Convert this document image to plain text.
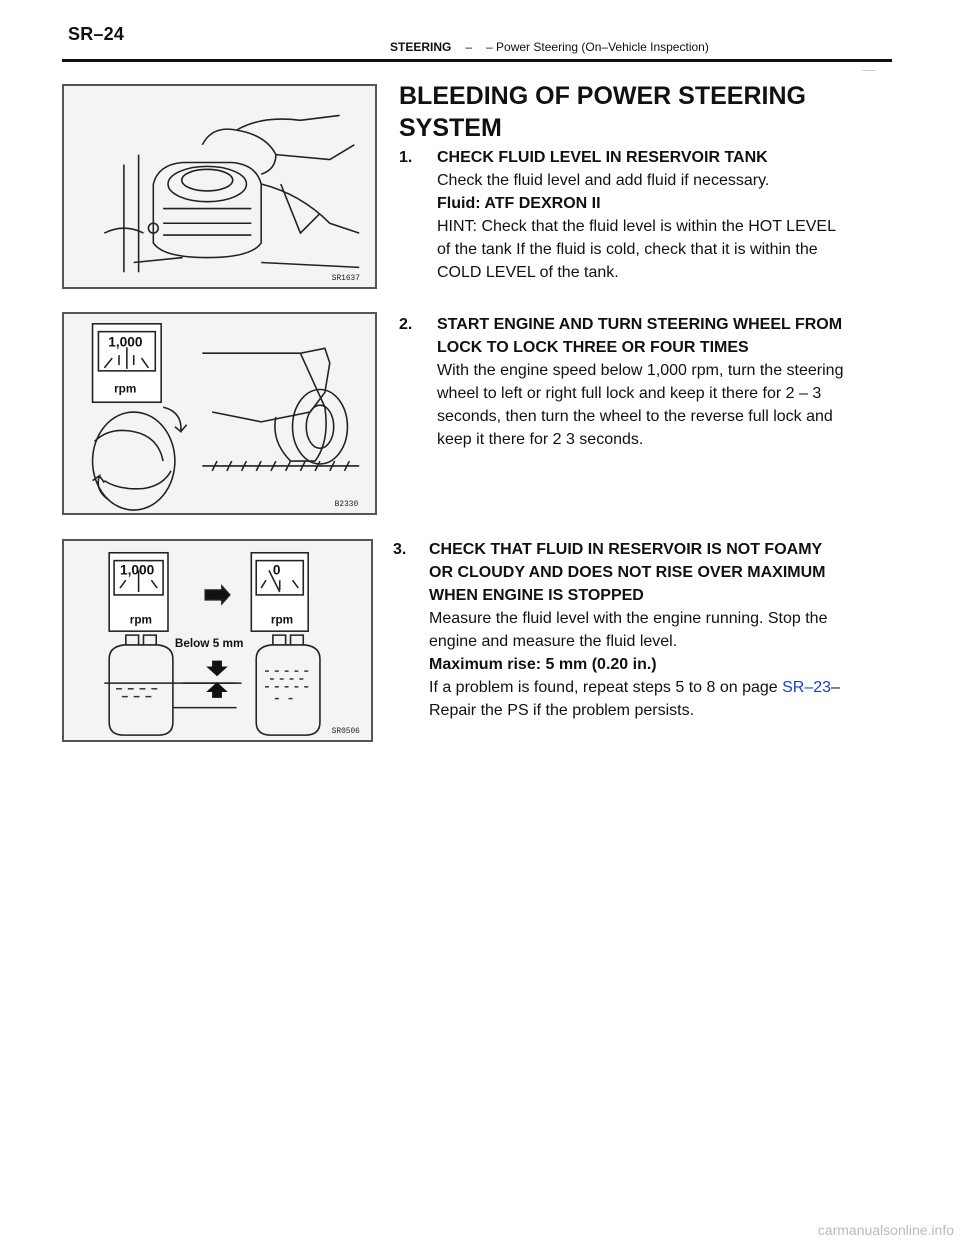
SR–24
STEERING – – Power Steering (On–Vehicle Inspection)
SR1637
1,000
rpm
B2330
1,000
rpm
0
rpm
Below 5 mm
SR0506
BLEEDING OF POWER STEERING SYSTEM
1. CHECK FLUID LEVEL IN RESERVOIR TANK
Check the fluid level and add fluid if necessary.
Fluid: ATF DEXRON II
HINT: Check that the fluid level is within the HOT LEVEL
of the tank If the fluid is cold, check that it is within the
COLD LEVEL of the tank.
2. START ENGINE AND TURN STEERING WHEEL FROM
LOCK TO LOCK THREE OR FOUR TIMES
With the engine speed below 1,000 rpm, turn the steering
wheel to left or right full lock and keep it there for 2 – 3
seconds, then turn the wheel to the reverse full lock and
keep it there for 2 3 seconds.
3. CHECK THAT FLUID IN RESERVOIR IS NOT FOAMY
OR CLOUDY AND DOES NOT RISE OVER MAXIMUM
WHEN ENGINE IS STOPPED
Measure the fluid level with the engine running. Stop the
engine and measure the fluid level.
Maximum rise: 5 mm (0.20 in.)
If a problem is found, repeat steps 5 to 8 on page SR–23–
Repair the PS if the problem persists.
carmanualsonline.info
